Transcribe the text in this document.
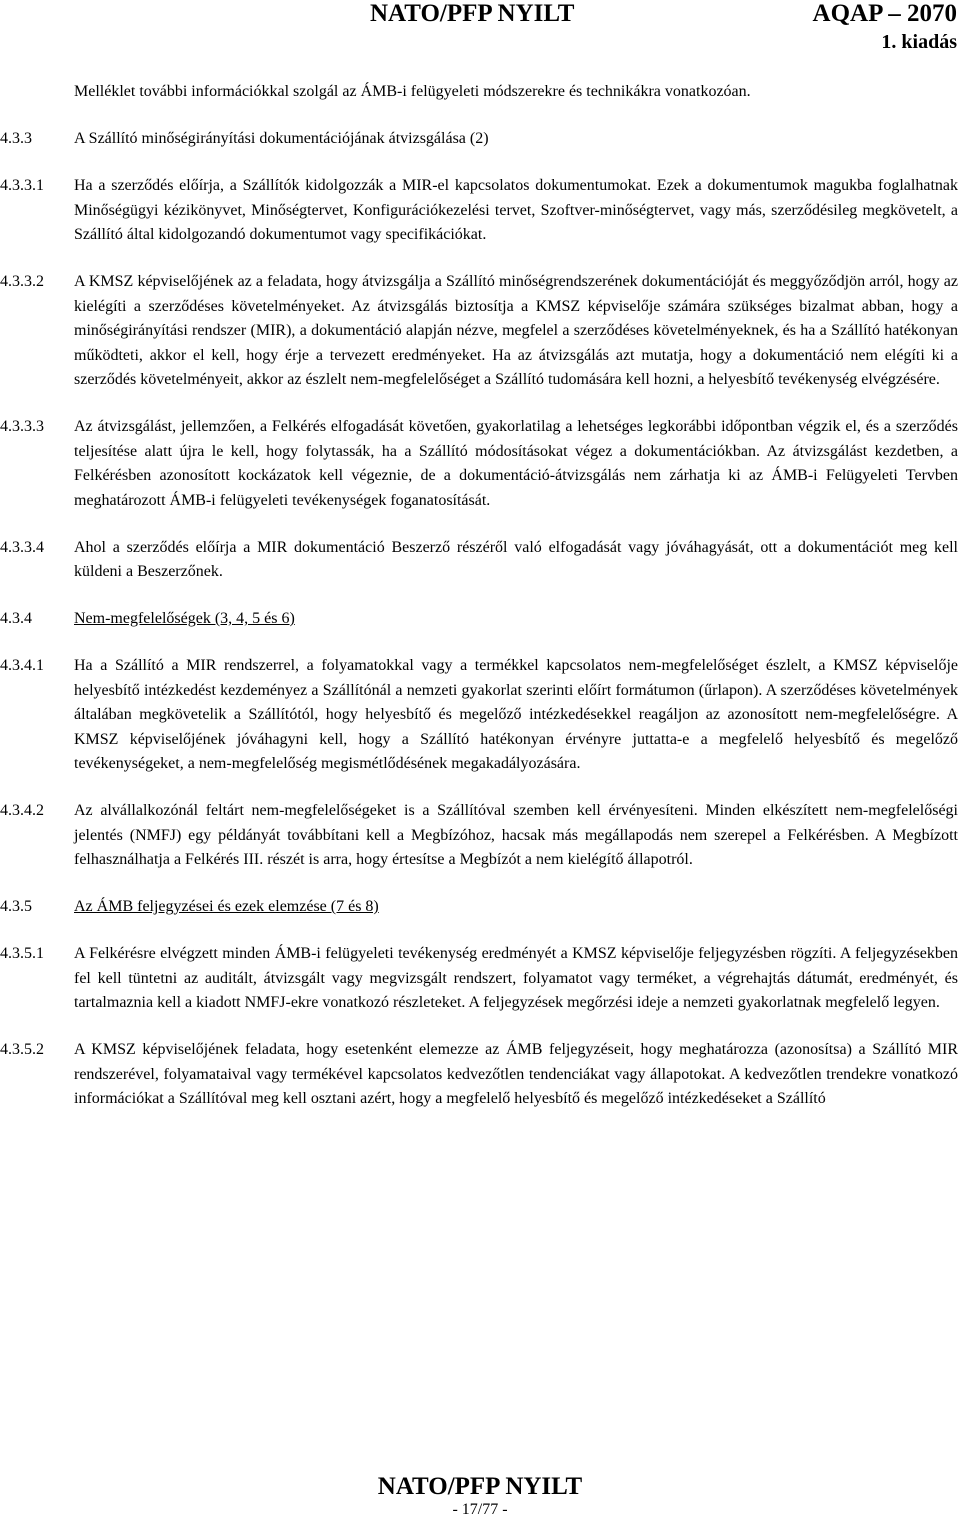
NATO/PFP NYILT	AQAP – 2070
1. kiadás

Melléklet további információkkal szolgál az ÁMB-i felügyeleti módszerekre és technikákra vonatkozóan.

4.3.3	A Szállító minőségirányítási dokumentációjának átvizsgálása (2)
4.3.3.1	Ha a szerződés előírja, a Szállítók kidolgozzák a MIR-el kapcsolatos dokumentumokat. Ezek a dokumentumok magukba foglalhatnak Minőségügyi kézikönyvet, Minőségtervet, Konfigurációkezelési tervet, Szoftver-minőségtervet, vagy más, szerződésileg megkövetelt, a Szállító által kidolgozandó dokumentumot vagy specifikációkat.
4.3.3.2	A KMSZ képviselőjének az a feladata, hogy átvizsgálja a Szállító minőségrendszerének dokumentációját és meggyőződjön arról, hogy az kielégíti a szerződéses követelményeket. Az átvizsgálás biztosítja a KMSZ képviselője számára szükséges bizalmat abban, hogy a minőségirányítási rendszer (MIR), a dokumentáció alapján nézve, megfelel a szerződéses követelményeknek, és ha a Szállító hatékonyan működteti, akkor el kell, hogy érje a tervezett eredményeket. Ha az átvizsgálás azt mutatja, hogy a dokumentáció nem elégíti ki a szerződés követelményeit, akkor az észlelt nem-megfelelőséget a Szállító tudomására kell hozni, a helyesbítő tevékenység elvégzésére.
4.3.3.3	Az átvizsgálást, jellemzően, a Felkérés elfogadását követően, gyakorlatilag a lehetséges legkorábbi időpontban végzik el, és a szerződés teljesítése alatt újra le kell, hogy folytassák, ha a Szállító módosításokat végez a dokumentációkban. Az átvizsgálást kezdetben, a Felkérésben azonosított kockázatok kell végeznie, de a dokumentáció-átvizsgálás nem zárhatja ki az ÁMB-i Felügyeleti Tervben meghatározott ÁMB-i felügyeleti tevékenységek foganatosítását.
4.3.3.4	Ahol a szerződés előírja a MIR dokumentáció Beszerző részéről való elfogadását vagy jóváhagyását, ott a dokumentációt meg kell küldeni a Beszerzőnek.
4.3.4	Nem-megfelelőségek (3, 4, 5 és 6)
4.3.4.1	Ha a Szállító a MIR rendszerrel, a folyamatokkal vagy a termékkel kapcsolatos nem-megfelelőséget észlelt, a KMSZ képviselője helyesbítő intézkedést kezdeményez a Szállítónál a nemzeti gyakorlat szerinti előírt formátumon (űrlapon). A szerződéses követelmények általában megkövetelik a Szállítótól, hogy helyesbítő és megelőző intézkedésekkel reagáljon az azonosított nem-megfelelőségre. A KMSZ képviselőjének jóváhagyni kell, hogy a Szállító hatékonyan érvényre juttatta-e a megfelelő helyesbítő és megelőző tevékenységeket, a nem-megfelelőség megismétlődésének megakadályozására.
4.3.4.2	Az alvállalkozónál feltárt nem-megfelelőségeket is a Szállítóval szemben kell érvényesíteni. Minden elkészített nem-megfelelőségi jelentés (NMFJ) egy példányát továbbítani kell a Megbízóhoz, hacsak más megállapodás nem szerepel a Felkérésben. A Megbízott felhasználhatja a Felkérés III. részét is arra, hogy értesítse a Megbízót a nem kielégítő állapotról.
4.3.5	Az ÁMB feljegyzései és ezek elemzése (7 és 8)
4.3.5.1	A Felkérésre elvégzett minden ÁMB-i felügyeleti tevékenység eredményét a KMSZ képviselője feljegyzésben rögzíti. A feljegyzésekben fel kell tüntetni az auditált, átvizsgált vagy megvizsgált rendszert, folyamatot vagy terméket, a végrehajtás dátumát, eredményét, és tartalmaznia kell a kiadott NMFJ-ekre vonatkozó részleteket. A feljegyzések megőrzési ideje a nemzeti gyakorlatnak megfelelő legyen.
4.3.5.2	A KMSZ képviselőjének feladata, hogy esetenként elemezze az ÁMB feljegyzéseit, hogy meghatározza (azonosítsa) a Szállító MIR rendszerével, folyamataival vagy termékével kapcsolatos kedvezőtlen tendenciákat vagy állapotokat. A kedvezőtlen trendekre vonatkozó információkat a Szállítóval meg kell osztani azért, hogy a megfelelő helyesbítő és megelőző intézkedéseket a Szállító
NATO/PFP NYILT
- 17/77 -
